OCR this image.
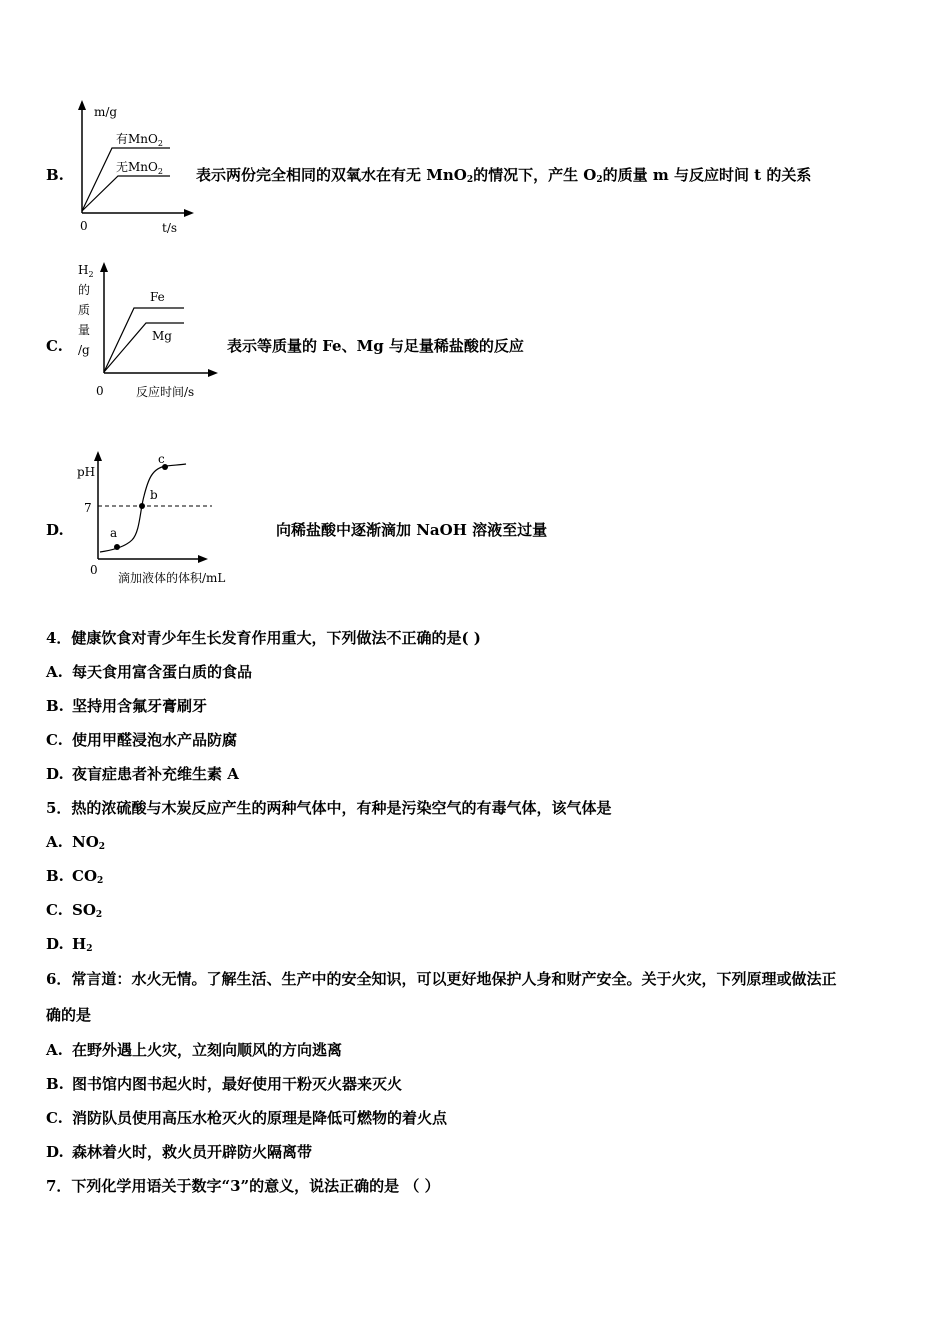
B.
m/g
0	t/s
有MnO$_2$
无MnO$_2$ 表示两份完全相同的双氧水在有无 MnO$_2$的情况下，产生 $O_2$的质量 m 与反应时间 t 的关系
C.
$H_2$
的
质
量
/g
0	反应时间/s
Fe
Mg
表示等质量的 Fe、Mg 与足量稀盐酸的反应
D.
pH
7
0
滴加液体的体积/mL
a
b
c
向稀盐酸中逐渐滴加 NaOH 溶液至过量
4．健康饮食对青少年生长发育作用重大，下列做法不正确的是( )
A. 每天食用富含蛋白质的食品
B. 坚持用含氟牙膏刷牙
C. 使用甲醛浸泡水产品防腐
D. 夜盲症患者补充维生素 A
5．热的浓硫酸与木炭反应产生的两种气体中，有种是污染空气的有毒气体，该气体是
A. $NO_2$
B. $CO_2$
C. $SO_2$
D. $H_2$
6．常言道：水火无情。了解生活、生产中的安全知识，可以更好地保护人身和财产安全。关于火灾，下列原理或做法正
确的是
A. 在野外遇上火灾，立刻向顺风的方向逃离
B. 图书馆内图书起火时，最好使用干粉灭火器来灭火
C. 消防队员使用高压水枪灭火的原理是降低可燃物的着火点
D. 森林着火时，救火员开辟防火隔离带
7．下列化学用语关于数字“3”的意义，说法正确的是 （ ）
